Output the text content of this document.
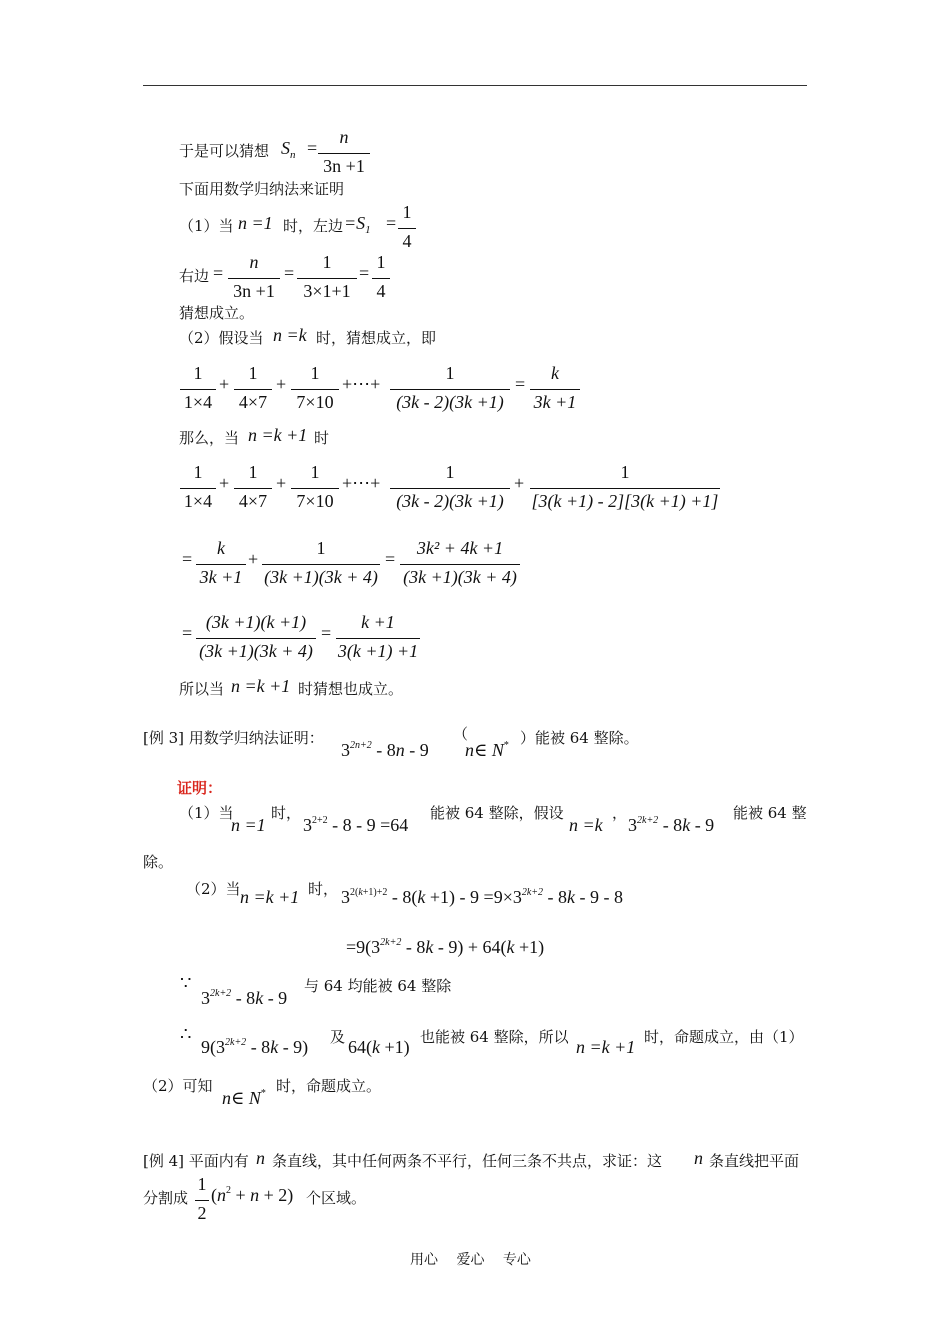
于是可以猜想 $S_n$ =
n
3n +1
下面用数学归纳法来证明
（1）当 n =1 时，左边 $=S_1$ =
1
4
右边 =
n
3n +1
=
1
3×1+1
=
1
4
猜想成立。
（2）假设当 n =k 时，猜想成立，即
1
1×4
+
1
4×7
+
1
7×10
+⋯+
1
(3k - 2)(3k +1)
=
k
3k +1
那么，当 n =k +1 时
1
1×4
+
1
4×7
+
1
7×10
+⋯+
1
(3k - 2)(3k +1)
+
1
[3(k +1) - 2][3(k +1) +1]
=
k
3k +1
+
1
(3k +1)(3k + 4)
=
3k² + 4k +1
(3k +1)(3k + 4)
=
(3k +1)(k +1)
(3k +1)(3k + 4)
=
k +1
3(k +1) +1
所以当 n =k +1 时猜想也成立。
[例 3] 用数学归纳法证明：
$3^{2n+2} - 8n - 9$
（
n∈ N* ）能被 64 整除。
证明：
（1）当
n =1
时，
$3^{2+2} - 8 - 9 =64$
能被 64 整除，假设
n =k
，
$3^{2k+2} - 8k - 9$
能被 64 整
除。
（2）当 n =k +1 时， $3^{2(k+1)+2} - 8(k +1) - 9 =9\times 3^{2k+2} - 8k - 9 - 8$
$=9(3^{2k+2} - 8k - 9) + 64(k +1)$
∵
$3^{2k+2} - 8k - 9$
与 64 均能被 64 整除
∴
$9(3^{2k+2} - 8k - 9)$ 及 64(k +1) 也能被 64 整除，所以 n =k +1 时，命题成立，由（1）
（2）可知
n∈ N* 时，命题成立。
[例 4] 平面内有 n 条直线，其中任何两条不平行，任何三条不共点，求证：这 n 条直线把平面
分割成
1
2
$(n^2 + n + 2)$ 个区域。
用心　 爱心　 专心
